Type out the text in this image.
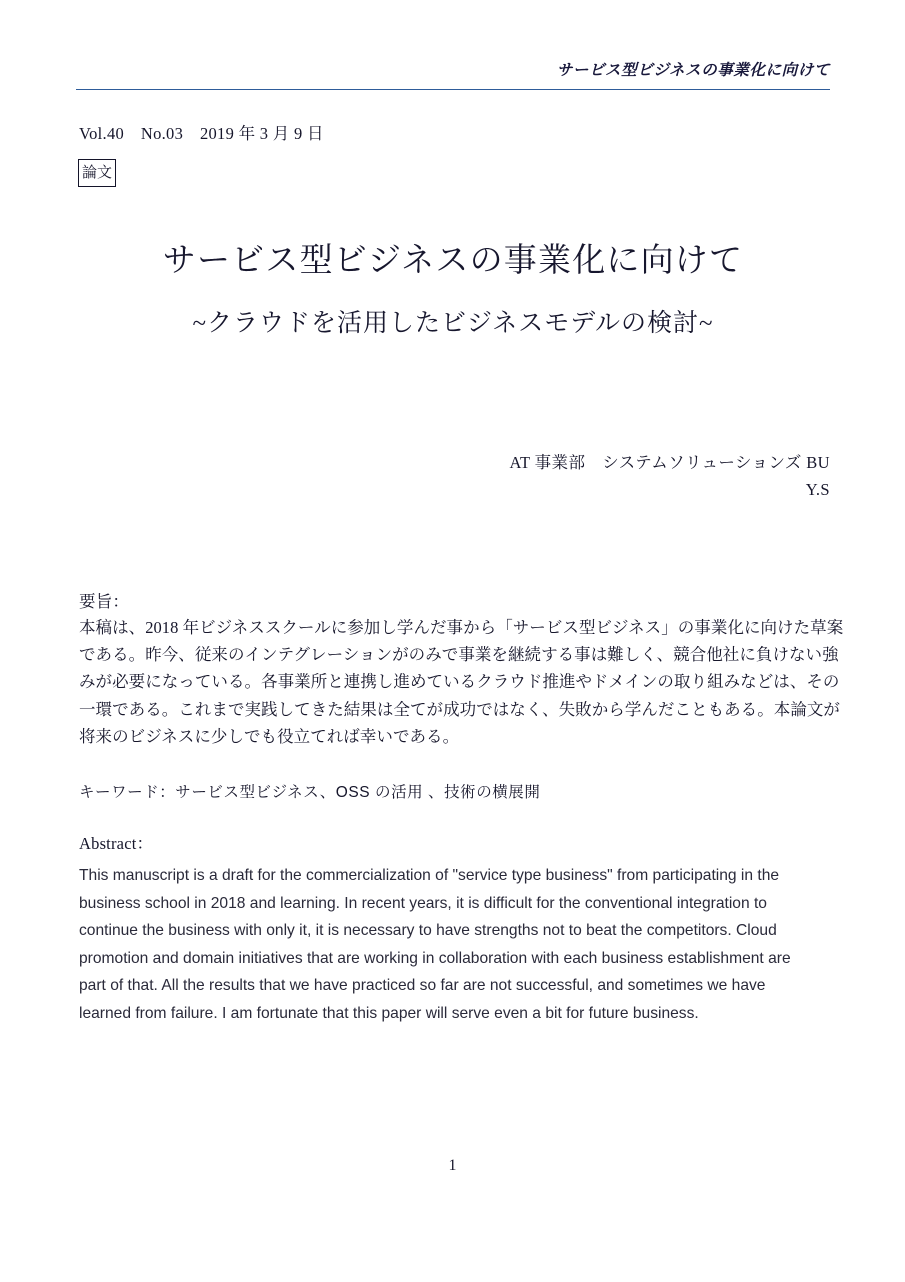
サービス型ビジネスの事業化に向けて
Vol.40　No.03　2019 年 3 月 9 日
論文
サービス型ビジネスの事業化に向けて
~クラウドを活用したビジネスモデルの検討~
AT 事業部　システムソリューションズ BU
Y.S
要旨：
本稿は、2018 年ビジネススクールに参加し学んだ事から「サービス型ビジネス」の事業化に向けた草案
である。昨今、従来のインテグレーションがのみで事業を継続する事は難しく、競合他社に負けない強
みが必要になっている。各事業所と連携し進めているクラウド推進やドメインの取り組みなどは、その
一環である。これまで実践してきた結果は全てが成功ではなく、失敗から学んだこともある。本論文が
将来のビジネスに少しでも役立てれば幸いである。
キーワード：サービス型ビジネス、OSS の活用 、技術の横展開
Abstract：
This manuscript is a draft for the commercialization of "service type business" from participating in the
business school in 2018 and learning. In recent years, it is difficult for the conventional integration to
continue the business with only it, it is necessary to have strengths not to beat the competitors. Cloud
promotion and domain initiatives that are working in collaboration with each business establishment are
part of that. All the results that we have practiced so far are not successful, and sometimes we have
learned from failure. I am fortunate that this paper will serve even a bit for future business.
1
